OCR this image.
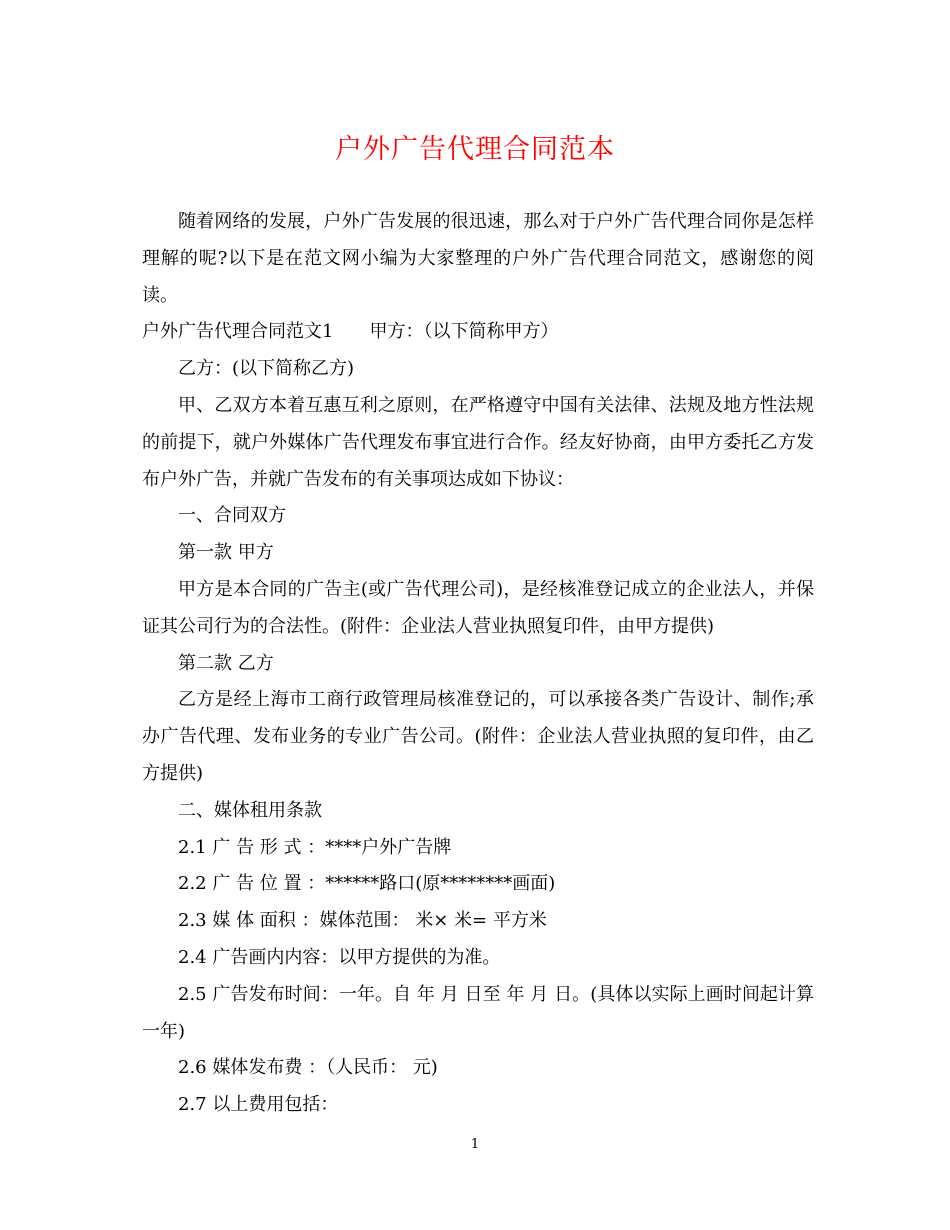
户外广告代理合同范本

随着网络的发展，户外广告发展的很迅速，那么对于户外广告代理合同你是怎样理解的呢?以下是在范文网小编为大家整理的户外广告代理合同范文，感谢您的阅读。

户外广告代理合同范文1 甲方：（以下简称甲方）

乙方：(以下简称乙方)

甲、乙双方本着互惠互利之原则，在严格遵守中国有关法律、法规及地方性法规的前提下，就户外媒体广告代理发布事宜进行合作。经友好协商，由甲方委托乙方发布户外广告，并就广告发布的有关事项达成如下协议：

一、合同双方

第一款 甲方

甲方是本合同的广告主(或广告代理公司)，是经核准登记成立的企业法人，并保证其公司行为的合法性。(附件：企业法人营业执照复印件，由甲方提供)

第二款 乙方

乙方是经上海市工商行政管理局核准登记的，可以承接各类广告设计、制作;承办广告代理、发布业务的专业广告公司。(附件：企业法人营业执照的复印件，由乙方提供)

二、媒体租用条款

2.1 广 告 形 式 ：****户外广告牌

2.2 广 告 位 置 ：******路口(原********画面)

2.3 媒 体 面积 ：媒体范围： 米× 米= 平方米

2.4 广告画内内容：以甲方提供的为准。

2.5 广告发布时间：一年。自 年 月 日至 年 月 日。(具体以实际上画时间起计算一年)

2.6 媒体发布费 ：（人民币： 元)

2.7 以上费用包括：

1
